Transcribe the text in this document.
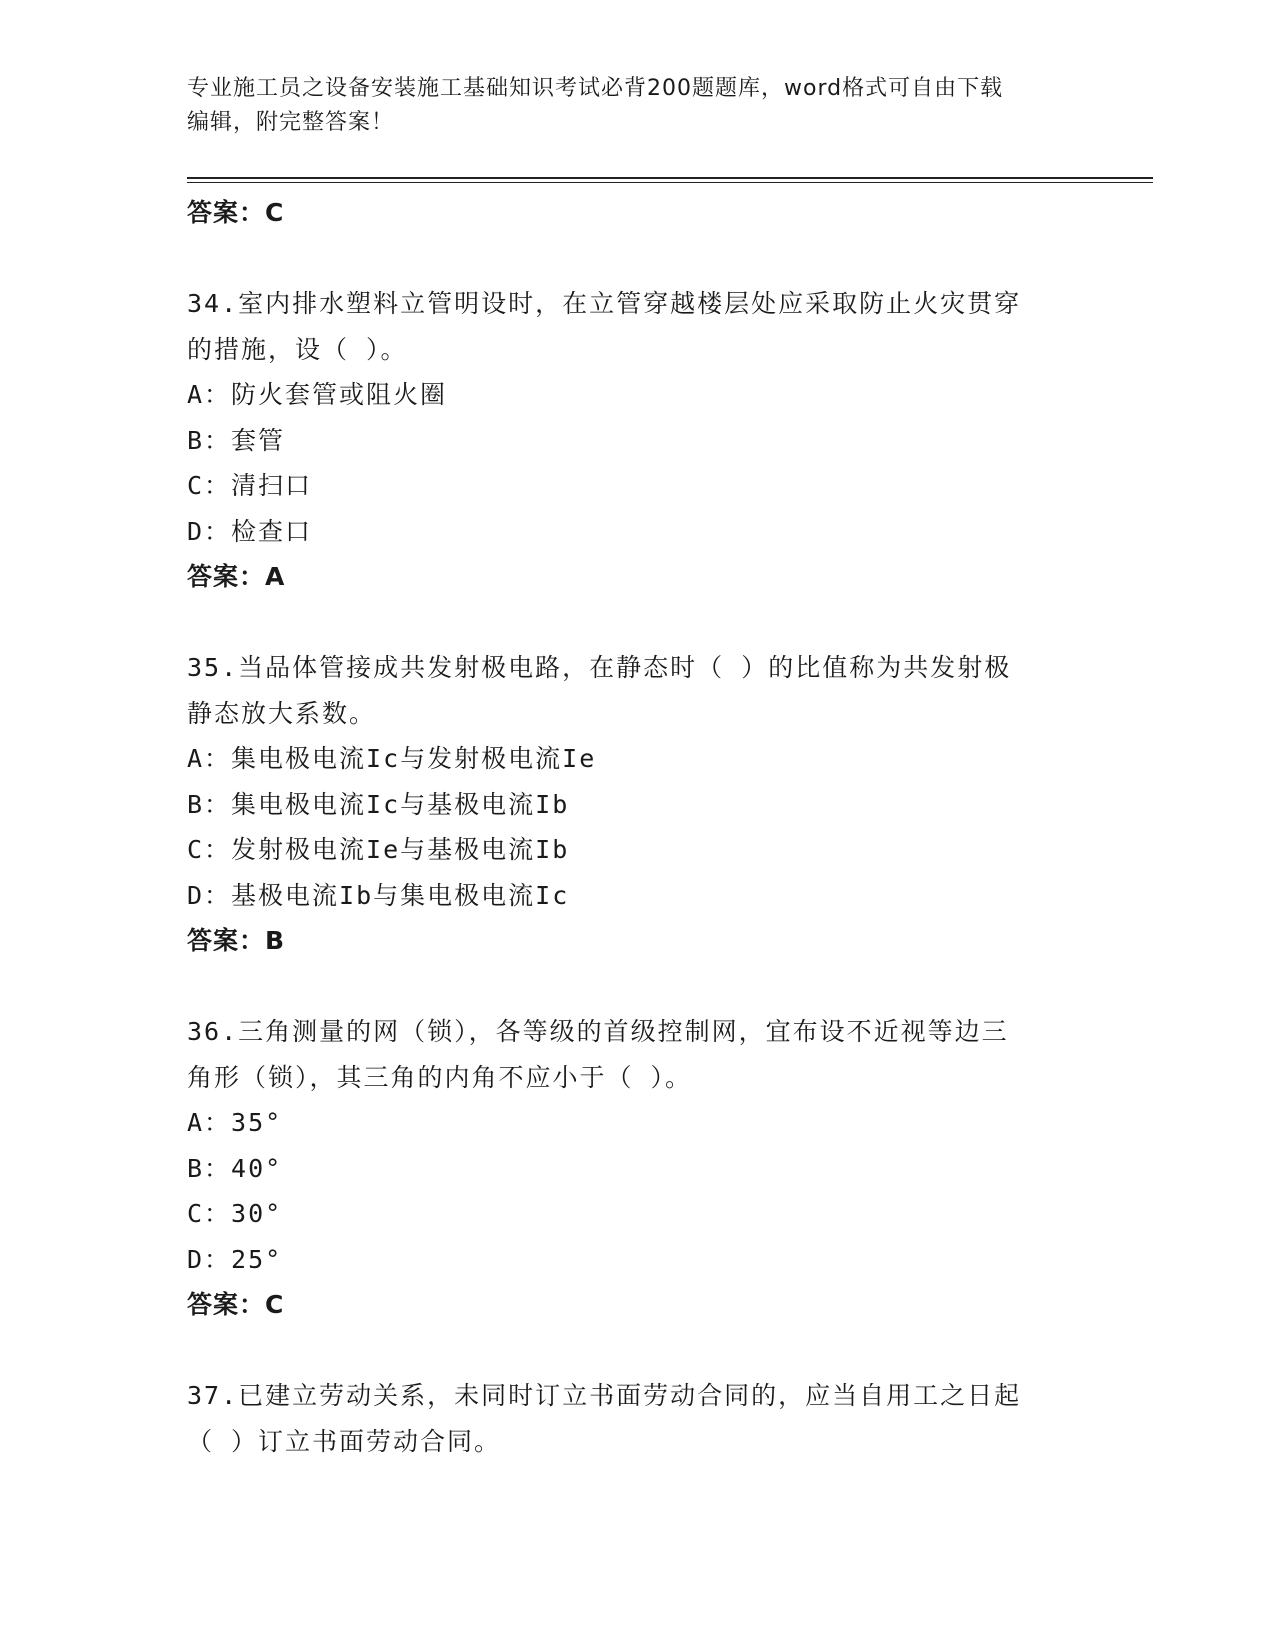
专业施工员之设备安装施工基础知识考试必背200题题库，word格式可自由下载
编辑，附完整答案！
答案：C
34.室内排水塑料立管明设时，在立管穿越楼层处应采取防止火灾贯穿
的措施，设（ ）。
A：防火套管或阻火圈
B：套管
C：清扫口
D：检查口
答案：A
35.当品体管接成共发射极电路，在静态时（ ）的比值称为共发射极
静态放大系数。
A：集电极电流Ic与发射极电流Ie
B：集电极电流Ic与基极电流Ib
C：发射极电流Ie与基极电流Ib
D：基极电流Ib与集电极电流Ic
答案：B
36.三角测量的网（锁），各等级的首级控制网，宜布设不近视等边三
角形（锁），其三角的内角不应小于（ ）。
A：35°
B：40°
C：30°
D：25°
答案：C
37.已建立劳动关系，未同时订立书面劳动合同的，应当自用工之日起
（ ）订立书面劳动合同。
